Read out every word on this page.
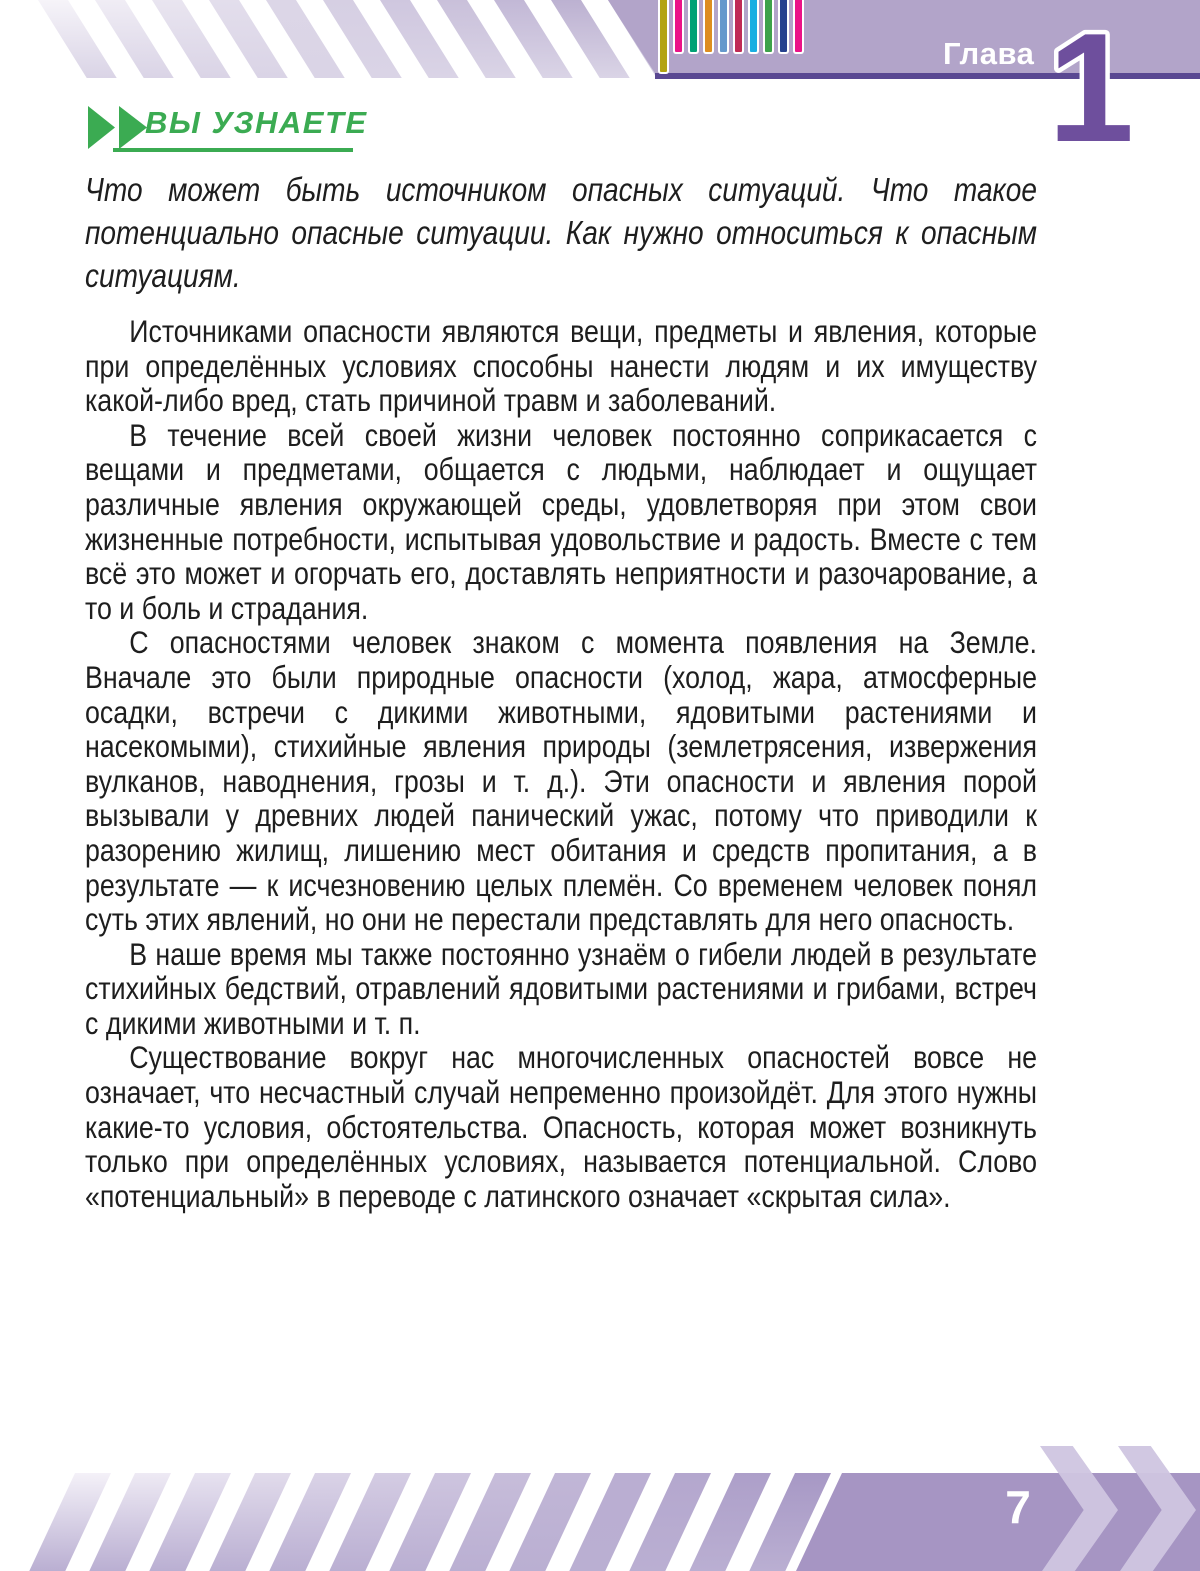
Глава 1
ВЫ УЗНАЕТЕ
Что может быть источником опасных ситуаций. Что такое потенциально опасные ситуации. Как нужно относиться к опасным ситуациям.

Источниками опасности являются вещи, предметы и явления, которые при определённых условиях способны нанести людям и их имуществу какой-либо вред, стать причиной травм и заболеваний.

В течение всей своей жизни человек постоянно соприкасается с вещами и предметами, общается с людьми, наблюдает и ощущает различные явления окружающей среды, удовлетворяя при этом свои жизненные потребности, испытывая удовольствие и радость. Вместе с тем всё это может и огорчать его, доставлять неприятности и разочарование, а то и боль и страдания.

С опасностями человек знаком с момента появления на Земле. Вначале это были природные опасности (холод, жара, атмосферные осадки, встречи с дикими животными, ядовитыми растениями и насекомыми), стихийные явления природы (землетрясения, извержения вулканов, наводнения, грозы и т. д.). Эти опасности и явления порой вызывали у древних людей панический ужас, потому что приводили к разорению жилищ, лишению мест обитания и средств пропитания, а в результате — к исчезновению целых племён. Со временем человек понял суть этих явлений, но они не перестали представлять для него опасность.

В наше время мы также постоянно узнаём о гибели людей в результате стихийных бедствий, отравлений ядовитыми растениями и грибами, встреч с дикими животными и т. п.

Существование вокруг нас многочисленных опасностей вовсе не означает, что несчастный случай непременно произойдёт. Для этого нужны какие-то условия, обстоятельства. Опасность, которая может возникнуть только при определённых условиях, называется потенциальной. Слово «потенциальный» в переводе с латинского означает «скрытая сила».

7
